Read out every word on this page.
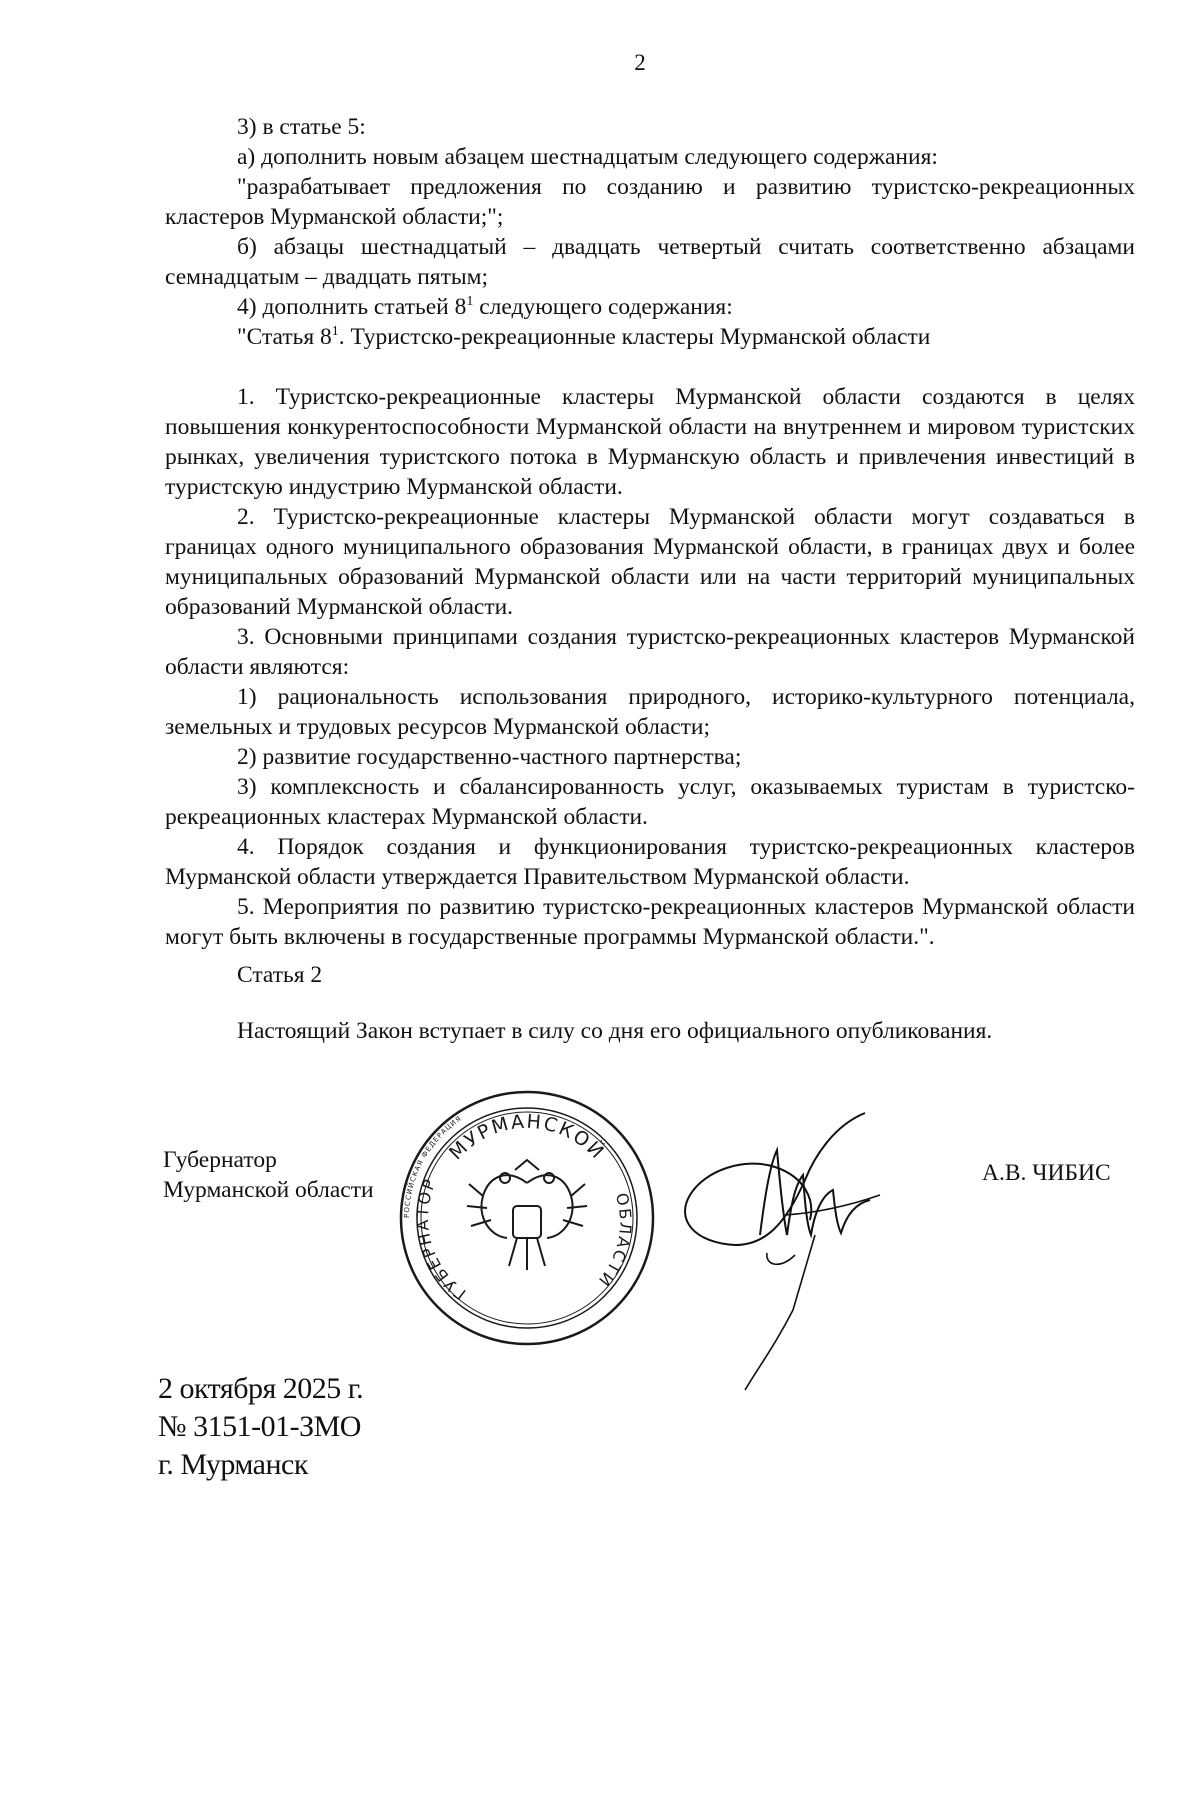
2

3) в статье 5:

а) дополнить новым абзацем шестнадцатым следующего содержания:

"разрабатывает предложения по созданию и развитию туристско-рекреационных кластеров Мурманской области;";

б) абзацы шестнадцатый – двадцать четвертый считать соответственно абзацами семнадцатым – двадцать пятым;

4) дополнить статьей $8^1$ следующего содержания:

"Статья $8^1$. Туристско-рекреационные кластеры Мурманской области

1. Туристско-рекреационные кластеры Мурманской области создаются в целях повышения конкурентоспособности Мурманской области на внутреннем и мировом туристских рынках, увеличения туристского потока в Мурманскую область и привлечения инвестиций в туристскую индустрию Мурманской области.

2. Туристско-рекреационные кластеры Мурманской области могут создаваться в границах одного муниципального образования Мурманской области, в границах двух и более муниципальных образований Мурманской области или на части территорий муниципальных образований Мурманской области.

3. Основными принципами создания туристско-рекреационных кластеров Мурманской области являются:

1) рациональность использования природного, историко-культурного потенциала, земельных и трудовых ресурсов Мурманской области;

2) развитие государственно-частного партнерства;

3) комплексность и сбалансированность услуг, оказываемых туристам в туристско-рекреационных кластерах Мурманской области.

4. Порядок создания и функционирования туристско-рекреационных кластеров Мурманской области утверждается Правительством Мурманской области.

5. Мероприятия по развитию туристско-рекреационных кластеров Мурманской области могут быть включены в государственные программы Мурманской области.".

Статья 2
Настоящий Закон вступает в силу со дня его официального опубликования.
Губернатор
Мурманской области
РОССИЙСКАЯ ФЕДЕРАЦИЯ
МУРМАНСКОЙ
ГУБЕРНАТОР
ОБЛАСТИ
А.В. ЧИБИС
2 октября 2025 г.
№ 3151-01-ЗМО
г. Мурманск
